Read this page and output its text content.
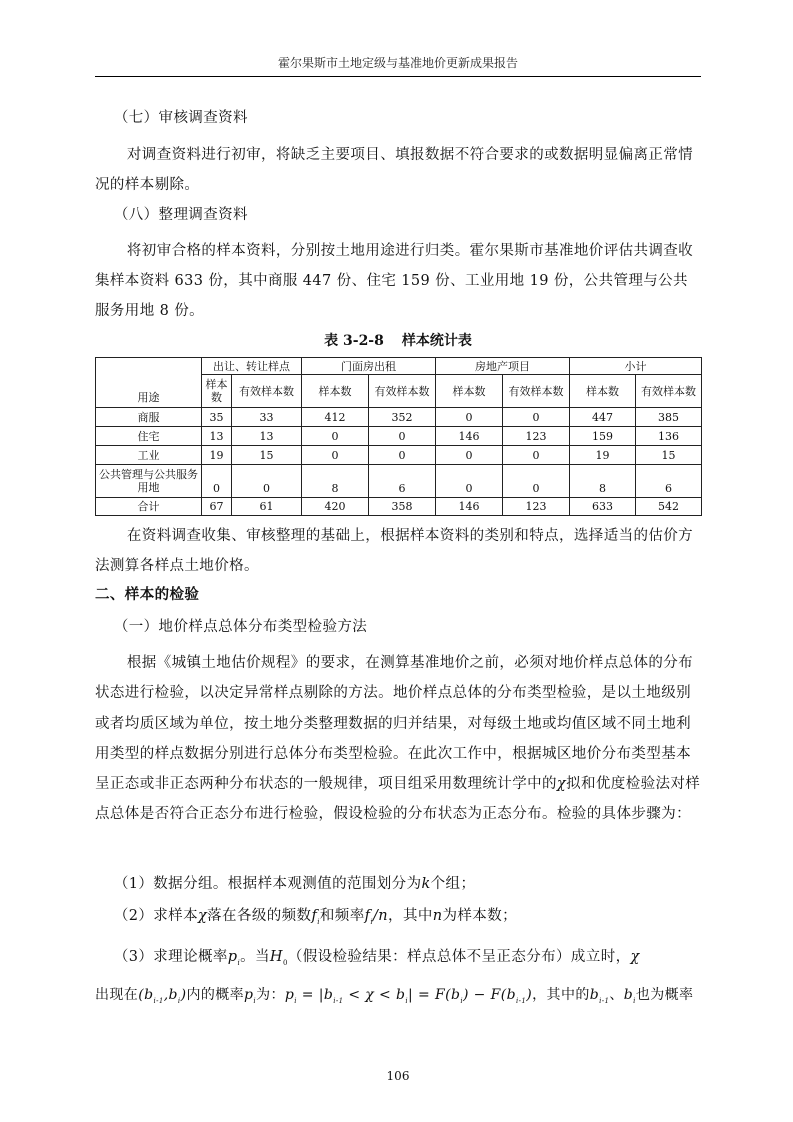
霍尔果斯市土地定级与基准地价更新成果报告

（七）审核调查资料

对调查资料进行初审，将缺乏主要项目、填报数据不符合要求的或数据明显偏离正常情况的样本剔除。

（八）整理调查资料

将初审合格的样本资料，分别按土地用途进行归类。霍尔果斯市基准地价评估共调查收集样本资料 633 份，其中商服 447 份、住宅 159 份、工业用地 19 份，公共管理与公共服务用地 8 份。

表 3-2-8 样本统计表
用途	出让、转让样点		门面房出租		房地产项目		小计	
	样本数	有效样本数	样本数	有效样本数	样本数	有效样本数	样本数	有效样本数
商服	35	33	412	352	0	0	447	385
住宅	13	13	0	0	146	123	159	136
工业	19	15	0	0	0	0	19	15
公共管理与公共服务用地	0	0	8	6	0	0	8	6
合计	67	61	420	358	146	123	633	542

在资料调查收集、审核整理的基础上，根据样本资料的类别和特点，选择适当的估价方法测算各样点土地价格。

二、样本的检验

（一）地价样点总体分布类型检验方法

根据《城镇土地估价规程》的要求，在测算基准地价之前，必须对地价样点总体的分布状态进行检验，以决定异常样点剔除的方法。地价样点总体的分布类型检验，是以土地级别或者均质区域为单位，按土地分类整理数据的归并结果，对每级土地或均值区域不同土地利用类型的样点数据分别进行总体分布类型检验。在此次工作中，根据城区地价分布类型基本呈正态或非正态两种分布状态的一般规律，项目组采用数理统计学中的χ拟和优度检验法对样点总体是否符合正态分布进行检验，假设检验的分布状态为正态分布。检验的具体步骤为：

（1）数据分组。根据样本观测值的范围划分为k个组；

（2）求样本χ落在各级的频数$f_i$和频率$f_i/n$，其中n为样本数；

（3）求理论概率$p_i$。当$H_0$（假设检验结果：样点总体不呈正态分布）成立时，χ

出现在$(b_{i-1},b_i)$内的概率$p_i$为：$p_i = |b_{i-1} < \chi < b_i| = F(b_i) - F(b_{i-1})$，其中的$b_{i-1}$、$b_i$也为概率

106
